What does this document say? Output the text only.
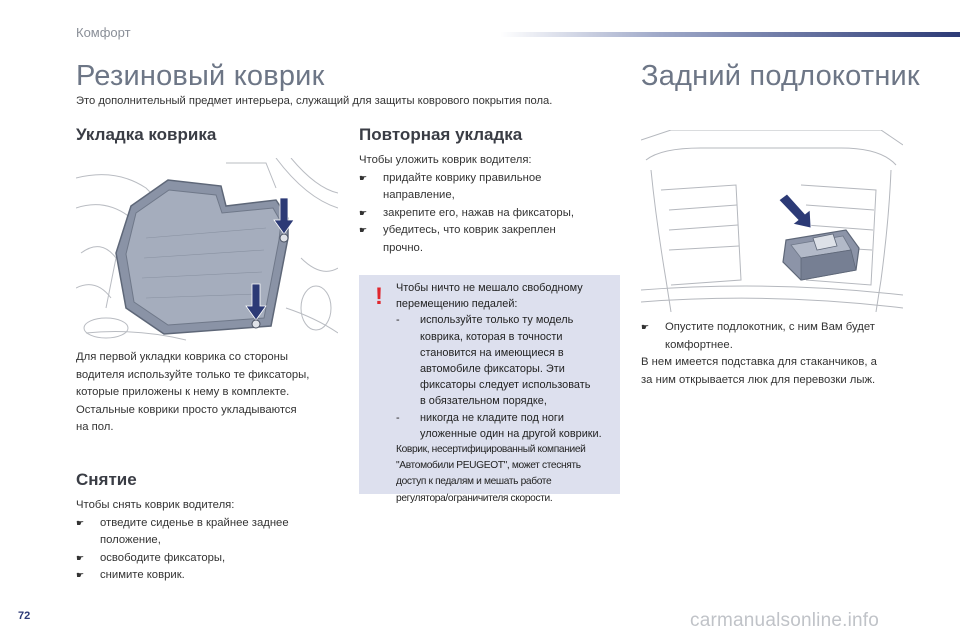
Комфорт
Резиновый коврик	Задний подлокотник
Это дополнительный предмет интерьера, служащий для защиты коврового покрытия пола.
Укладка коврика

Для первой укладки коврика со стороны

водителя используйте только те фиксаторы,

которые приложены к нему в комплекте.

Остальные коврики просто укладываются

на пол.

Снятие

Чтобы снять коврик водителя:

☛ отведите сиденье в крайнее заднее
положение,
☛ освободите фиксаторы,
☛ снимите коврик.
Повторная укладка

Чтобы уложить коврик водителя:

☛ придайте коврику правильное
направление,
☛ закрепите его, нажав на фиксаторы,
☛ убедитесь, что коврик закреплен
прочно.
! Чтобы ничто не мешало свободному

перемещению педалей:

- используйте только ту модель
коврика, которая в точности
становится на имеющиеся в
автомобиле фиксаторы. Эти
фиксаторы следует использовать
в обязательном порядке,
- никогда не кладите под ноги
уложенные один на другой коврики.

Коврик, несертифицированный компанией

"Автомобили PEUGEOT", может стеснять

доступ к педалям и мешать работе

регулятора/ограничителя скорости.

☛ Опустите подлокотник, с ним Вам будет
комфортнее.

В нем имеется подставка для стаканчиков, а

за ним открывается люк для перевозки лыж.

72	carmanualsonline.info
